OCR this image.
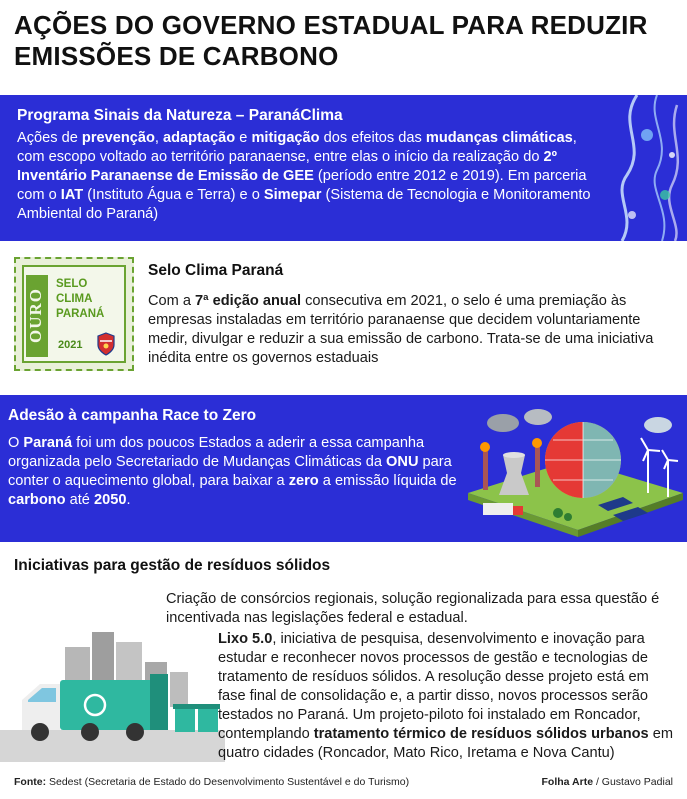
AÇÕES DO GOVERNO ESTADUAL PARA REDUZIR
EMISSÕES DE CARBONO
Programa Sinais da Natureza – ParanáClima
Ações de prevenção, adaptação e mitigação dos efeitos das mudanças climáticas, com escopo voltado ao território paranaense, entre elas o início da realização do 2º Inventário Paranaense de Emissão de GEE (período entre 2012 e 2019). Em parceria com o IAT (Instituto Água e Terra) e o Simepar (Sistema de Tecnologia e Monitoramento Ambiental do Paraná)
OURO
SELO
CLIMA
PARANÁ
2021
Selo Clima Paraná
Com a 7ª edição anual consecutiva em 2021, o selo é uma premiação às empresas instaladas em território paranaense que decidem voluntariamente medir, divulgar e reduzir a sua emissão de carbono. Trata-se de uma iniciativa inédita entre os governos estaduais
Adesão à campanha Race to Zero
O Paraná foi um dos poucos Estados a aderir a essa campanha organizada pelo Secretariado de Mudanças Climáticas da ONU para conter o aquecimento global, para baixar a zero a emissão líquida de carbono até 2050.
Iniciativas para gestão de resíduos sólidos
Criação de consórcios regionais, solução regionalizada para essa questão é incentivada nas legislações federal e estadual.
Lixo 5.0, iniciativa de pesquisa, desenvolvimento e inovação para estudar e reconhecer novos processos de gestão e tecnologias de tratamento de resíduos sólidos. A resolução desse projeto está em fase final de consolidação e, a partir disso, novos processos serão testados no Paraná. Um projeto-piloto foi instalado em Roncador, contemplando tratamento térmico de resíduos sólidos urbanos em quatro cidades (Roncador, Mato Rico, Iretama e Nova Cantu)
Fonte: Sedest (Secretaria de Estado do Desenvolvimento Sustentável e do Turismo)	Folha Arte / Gustavo Padial
